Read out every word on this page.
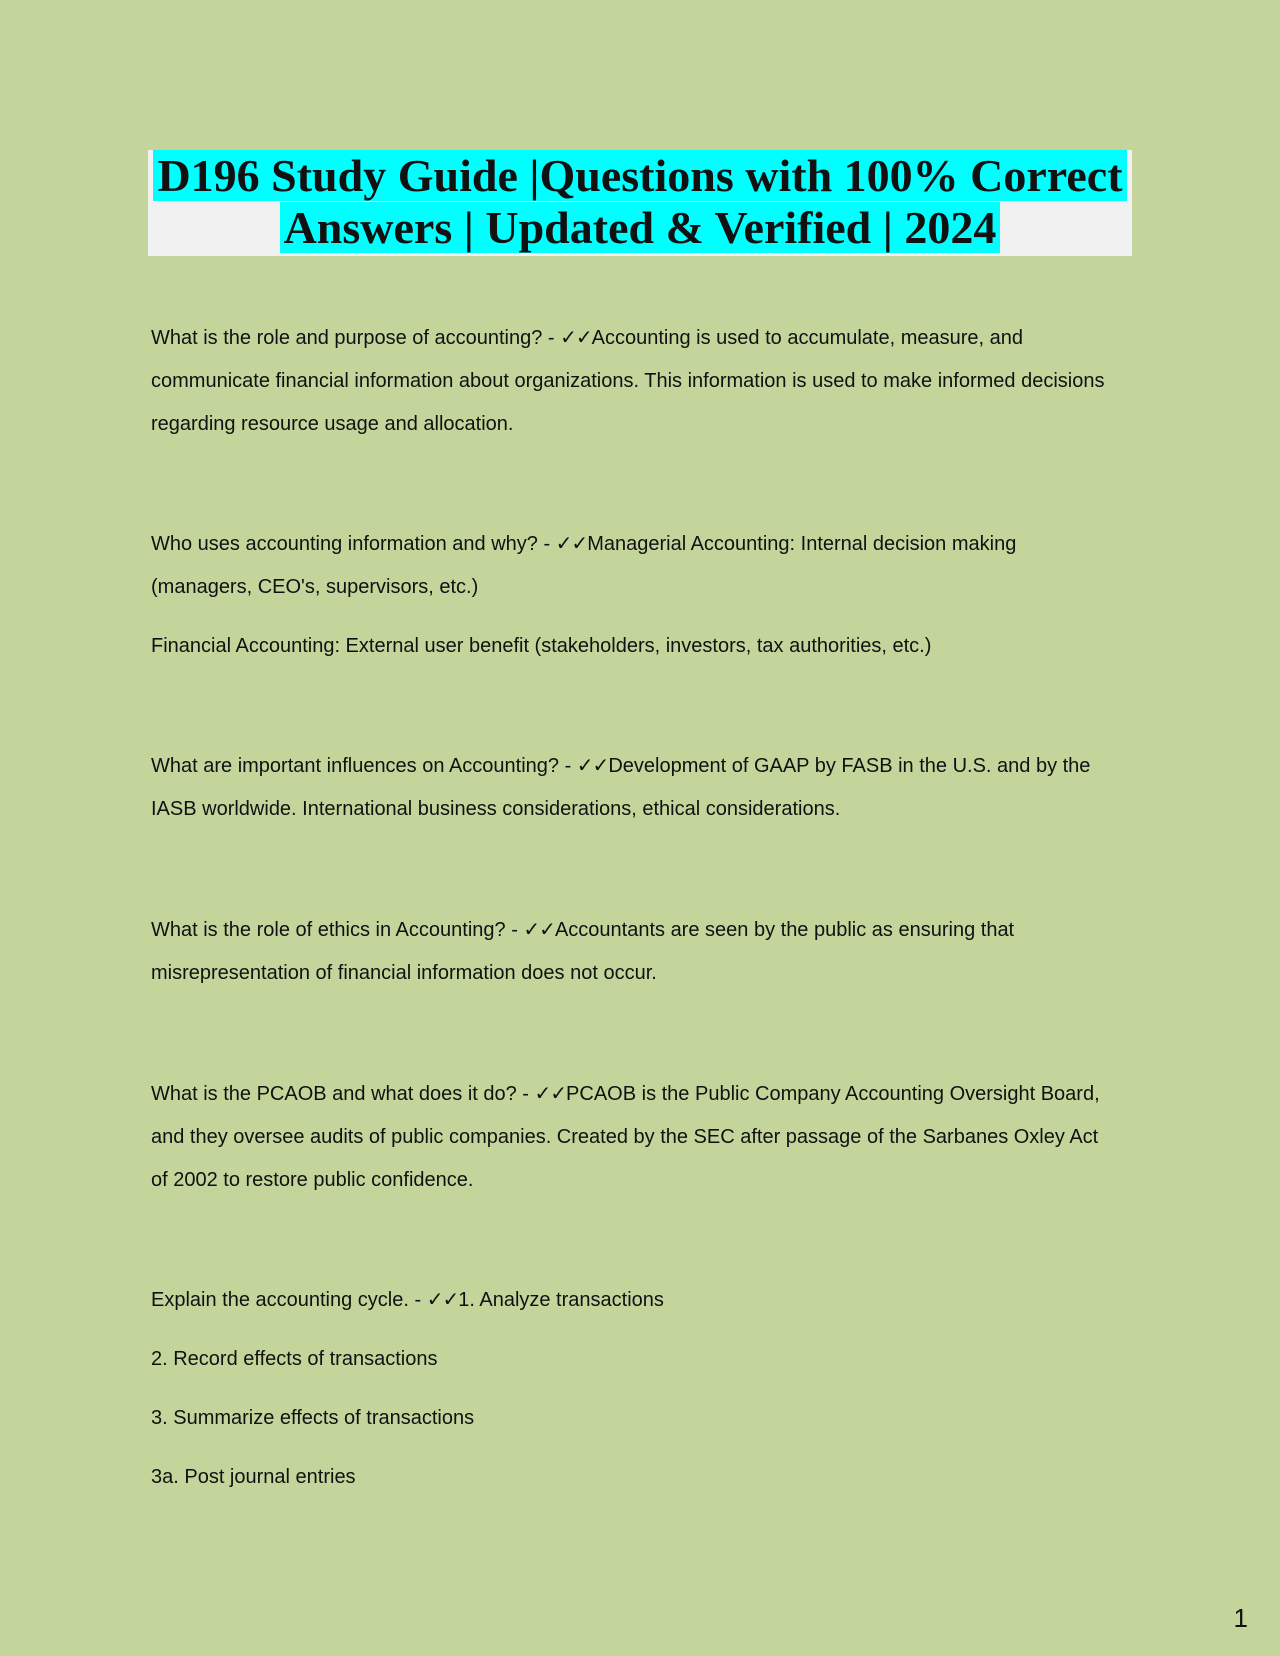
D196 Study Guide |Questions with 100% Correct
Answers | Updated & Verified | 2024

What is the role and purpose of accounting? - ✓✓Accounting is used to accumulate, measure, and communicate financial information about organizations. This information is used to make informed decisions regarding resource usage and allocation.

Who uses accounting information and why? - ✓✓Managerial Accounting: Internal decision making (managers, CEO's, supervisors, etc.)

Financial Accounting: External user benefit (stakeholders, investors, tax authorities, etc.)

What are important influences on Accounting? - ✓✓Development of GAAP by FASB in the U.S. and by the IASB worldwide. International business considerations, ethical considerations.

What is the role of ethics in Accounting? - ✓✓Accountants are seen by the public as ensuring that misrepresentation of financial information does not occur.

What is the PCAOB and what does it do? - ✓✓PCAOB is the Public Company Accounting Oversight Board, and they oversee audits of public companies. Created by the SEC after passage of the Sarbanes Oxley Act of 2002 to restore public confidence.

Explain the accounting cycle. - ✓✓1. Analyze transactions

2. Record effects of transactions

3. Summarize effects of transactions

3a. Post journal entries

1
